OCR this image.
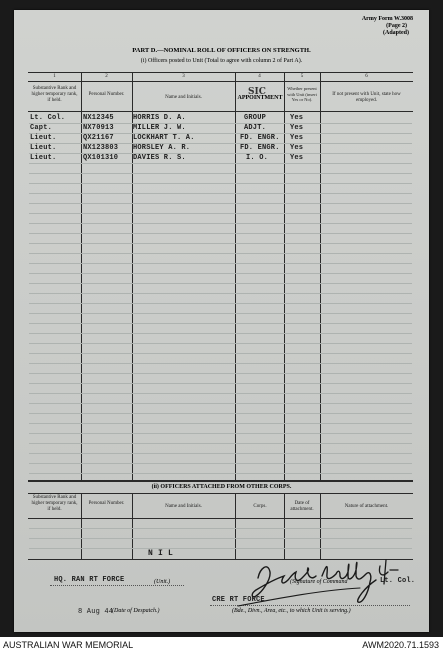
Army Form W.3008
(Page 2)
(Adapted)
PART D.—NOMINAL ROLL OF OFFICERS ON STRENGTH.
(i) Officers posted to Unit (Total to agree with column 2 of Part A).
1	2	3	4	5	6
Substantive Rank and higher temporary rank, if held.
Personal Number.
Name and Initials.	APPOINTMENT
SIC	Whether present with Unit (insert Yes or No).
If not present with Unit, state how employed.
Lt. Col.	NX12345	HORRIS D. A.	GROUP	Yes
Capt.	NX70913	MILLER J. W.	ADJT.	Yes
Lieut.	QX21167	LOCKHART T. A.	FD. ENGR. Yes
Lieut.	NX123803 HORSLEY A. R.	FD. ENGR. Yes
Lieut.	QX101310 DAVIES R. S.	I. O.	Yes
(ii) OFFICERS ATTACHED FROM OTHER CORPS.
Substantive Rank and higher temporary rank, if held.
Personal Number.
Name and Initials.	Corps.
Date of attachment.
Nature of attachment.
N I L
HQ. RAN RT FORCE	(Unit.)	(Signature of Command	Lt. Col.
CRE RT FORCE
(Bde., Divn., Area, etc., to which Unit is serving.)
8 Aug 44
(Date of Despatch.)
AUSTRALIAN WAR MEMORIAL	AWM2020.71.1593
